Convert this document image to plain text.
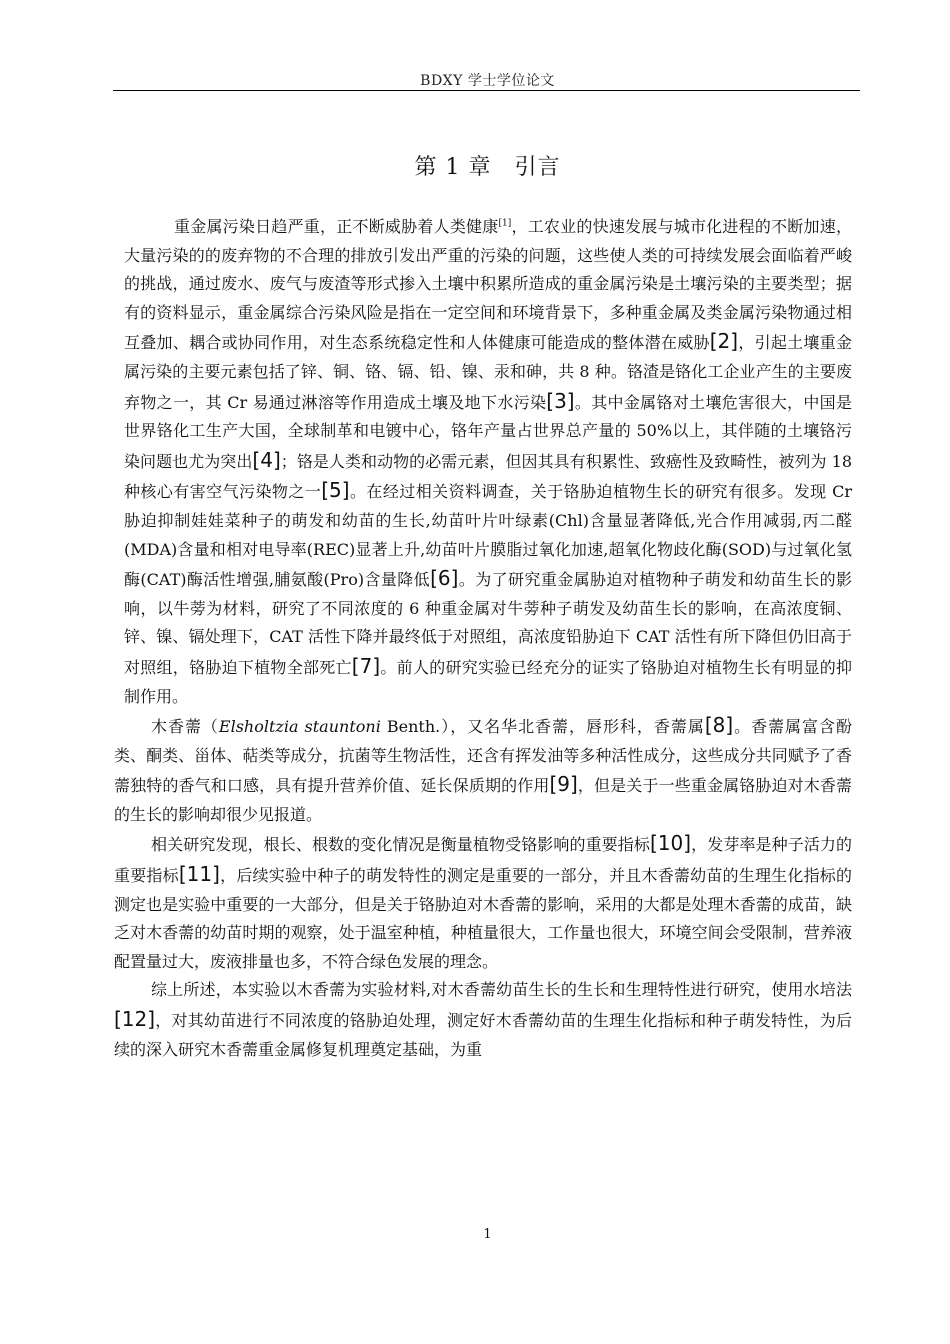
BDXY 学士学位论文
第 1 章　引言

重金属污染日趋严重，正不断威胁着人类健康[1]，工农业的快速发展与城市化进程的不断加速，大量污染的的废弃物的不合理的排放引发出严重的污染的问题，这些使人类的可持续发展会面临着严峻的挑战，通过废水、废气与废渣等形式掺入土壤中积累所造成的重金属污染是土壤污染的主要类型；据有的资料显示，重金属综合污染风险是指在一定空间和环境背景下，多种重金属及类金属污染物通过相互叠加、耦合或协同作用，对生态系统稳定性和人体健康可能造成的整体潜在威胁[2]，引起土壤重金属污染的主要元素包括了锌、铜、铬、镉、铅、镍、汞和砷，共 8 种。铬渣是铬化工企业产生的主要废弃物之一，其 Cr 易通过淋溶等作用造成土壤及地下水污染[3]。其中金属铬对土壤危害很大，中国是世界铬化工生产大国，全球制革和电镀中心，铬年产量占世界总产量的 50%以上，其伴随的土壤铬污染问题也尤为突出[4]；铬是人类和动物的必需元素，但因其具有积累性、致癌性及致畸性，被列为 18 种核心有害空气污染物之一[5]。在经过相关资料调查，关于铬胁迫植物生长的研究有很多。发现 Cr 胁迫抑制娃娃菜种子的萌发和幼苗的生长,幼苗叶片叶绿素(Chl)含量显著降低,光合作用减弱,丙二醛(MDA)含量和相对电导率(REC)显著上升,幼苗叶片膜脂过氧化加速,超氧化物歧化酶(SOD)与过氧化氢酶(CAT)酶活性增强,脯氨酸(Pro)含量降低[6]。为了研究重金属胁迫对植物种子萌发和幼苗生长的影响，以牛蒡为材料，研究了不同浓度的 6 种重金属对牛蒡种子萌发及幼苗生长的影响，在高浓度铜、锌、镍、镉处理下，CAT 活性下降并最终低于对照组，高浓度铅胁迫下 CAT 活性有所下降但仍旧高于对照组，铬胁迫下植物全部死亡[7]。前人的研究实验已经充分的证实了铬胁迫对植物生长有明显的抑制作用。

木香薷（Elsholtzia stauntoni Benth.），又名华北香薷，唇形科，香薷属[8]。香薷属富含酚类、酮类、甾体、萜类等成分，抗菌等生物活性，还含有挥发油等多种活性成分，这些成分共同赋予了香薷独特的香气和口感，具有提升营养价值、延长保质期的作用[9]，但是关于一些重金属铬胁迫对木香薷的生长的影响却很少见报道。

相关研究发现，根长、根数的变化情况是衡量植物受铬影响的重要指标[10]，发芽率是种子活力的重要指标[11]，后续实验中种子的萌发特性的测定是重要的一部分，并且木香薷幼苗的生理生化指标的测定也是实验中重要的一大部分，但是关于铬胁迫对木香薷的影响，采用的大都是处理木香薷的成苗，缺乏对木香薷的幼苗时期的观察，处于温室种植，种植量很大，工作量也很大，环境空间会受限制，营养液配置量过大，废液排量也多，不符合绿色发展的理念。

综上所述，本实验以木香薷为实验材料,对木香薷幼苗生长的生长和生理特性进行研究，使用水培法[12]，对其幼苗进行不同浓度的铬胁迫处理，测定好木香薷幼苗的生理生化指标和种子萌发特性，为后续的深入研究木香薷重金属修复机理奠定基础，为重

1
